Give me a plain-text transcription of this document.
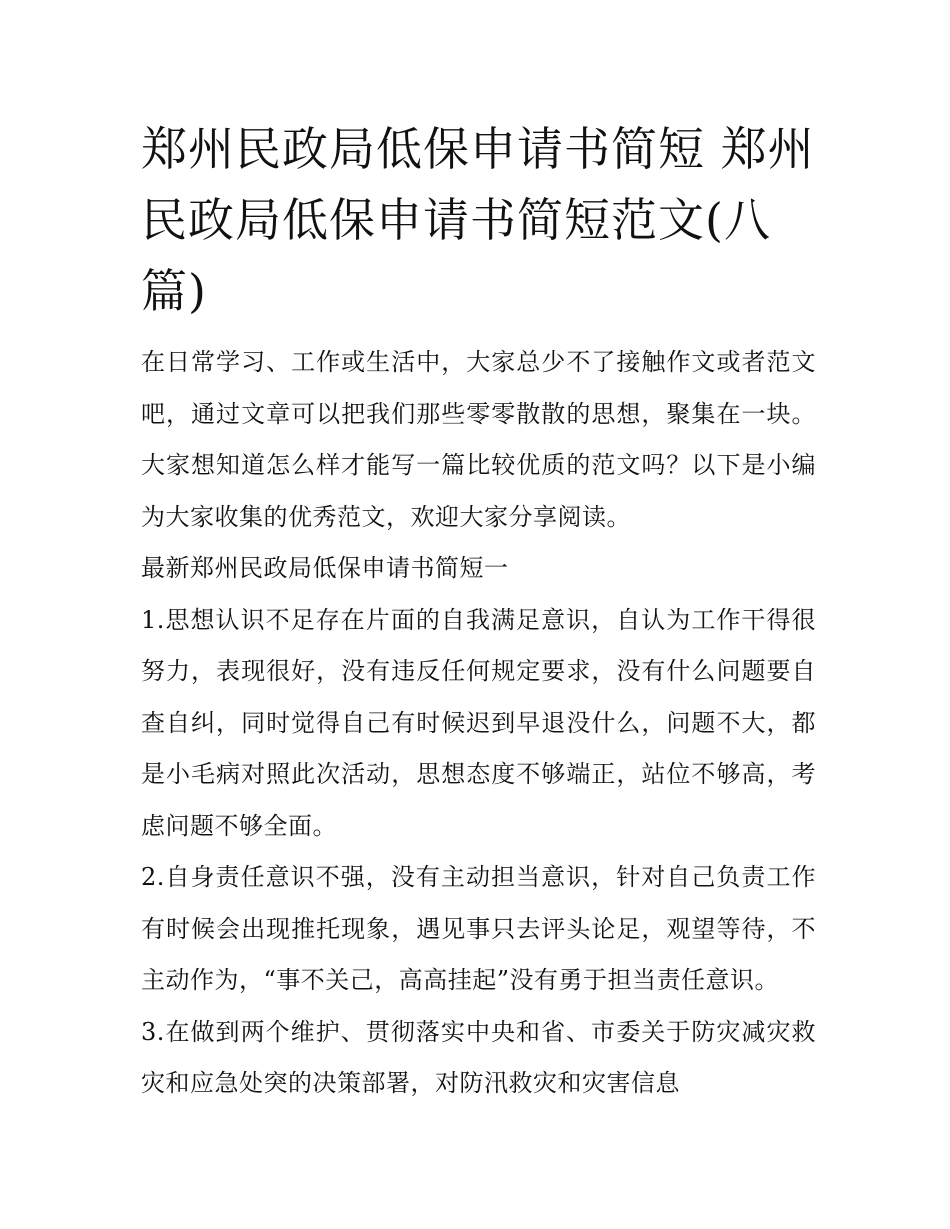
郑州民政局低保申请书简短 郑州民政局低保申请书简短范文(八篇)

在日常学习、工作或生活中，大家总少不了接触作文或者范文吧，通过文章可以把我们那些零零散散的思想，聚集在一块。大家想知道怎么样才能写一篇比较优质的范文吗？以下是小编为大家收集的优秀范文，欢迎大家分享阅读。

最新郑州民政局低保申请书简短一

1.思想认识不足存在片面的自我满足意识，自认为工作干得很努力，表现很好，没有违反任何规定要求，没有什么问题要自查自纠，同时觉得自己有时候迟到早退没什么，问题不大，都是小毛病对照此次活动，思想态度不够端正，站位不够高，考虑问题不够全面。

2.自身责任意识不强，没有主动担当意识，针对自己负责工作有时候会出现推托现象，遇见事只去评头论足，观望等待，不主动作为，“事不关己，高高挂起”没有勇于担当责任意识。

3.在做到两个维护、贯彻落实中央和省、市委关于防灾减灾救灾和应急处突的决策部署，对防汛救灾和灾害信息
